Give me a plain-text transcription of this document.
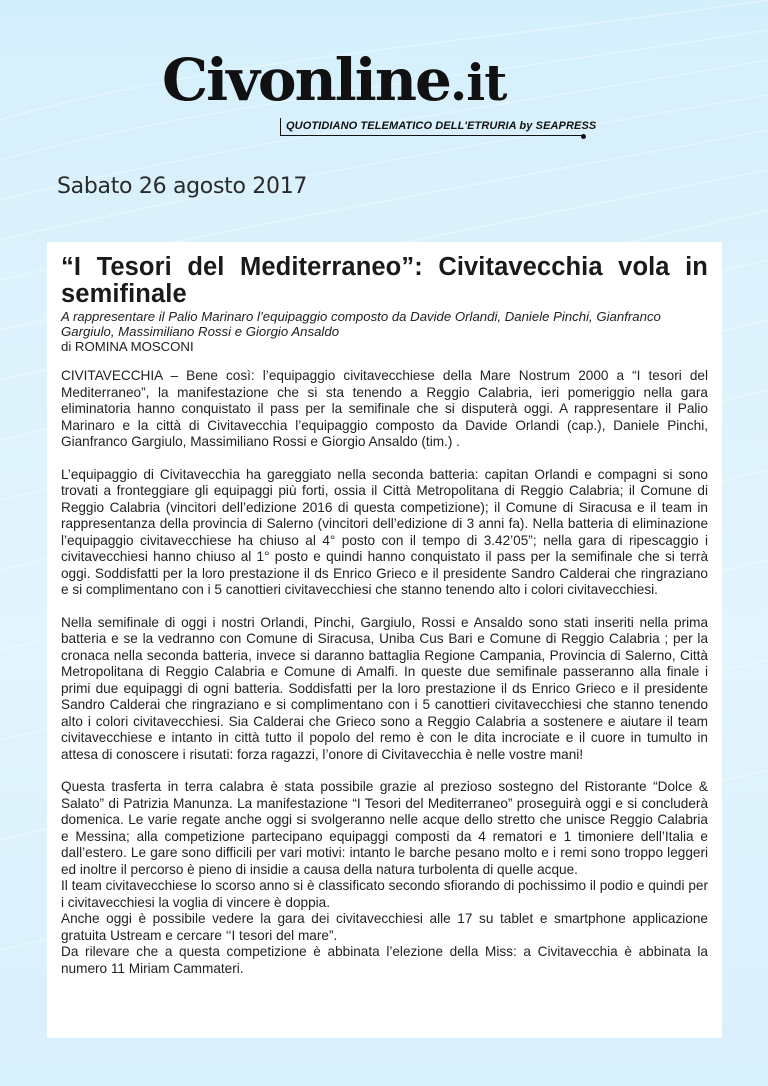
Civonline.it
QUOTIDIANO TELEMATICO DELL'ETRURIA by SEAPRESS
Sabato 26 agosto 2017
“I Tesori del Mediterraneo”: Civitavecchia vola in semifinale
A rappresentare il Palio Marinaro l’equipaggio composto da Davide Orlandi, Daniele Pinchi, Gianfranco Gargiulo, Massimiliano Rossi e Giorgio Ansaldo
di ROMINA MOSCONI

CIVITAVECCHIA – Bene così: l’equipaggio civitavecchiese della Mare Nostrum 2000 a “I tesori del Mediterraneo”, la manifestazione che si sta tenendo a Reggio Calabria, ieri pomeriggio nella gara eliminatoria hanno conquistato il pass per la semifinale che si disputerà oggi. A rappresentare il Palio Marinaro e la città di Civitavecchia l’equipaggio composto da Davide Orlandi (cap.), Daniele Pinchi, Gianfranco Gargiulo, Massimiliano Rossi e Giorgio Ansaldo (tim.) .

L’equipaggio di Civitavecchia ha gareggiato nella seconda batteria: capitan Orlandi e compagni si sono trovati a fronteggiare gli equipaggi più forti, ossia il Città Metropolitana di Reggio Calabria; il Comune di Reggio Calabria (vincitori dell’edizione 2016 di questa competizione); il Comune di Siracusa e il team in rappresentanza della provincia di Salerno (vincitori dell’edizione di 3 anni fa). Nella batteria di eliminazione l’equipaggio civitavecchiese ha chiuso al 4° posto con il tempo di 3.42’05”; nella gara di ripescaggio i civitavecchiesi hanno chiuso al 1° posto e quindi hanno conquistato il pass per la semifinale che si terrà oggi. Soddisfatti per la loro prestazione il ds Enrico Grieco e il presidente Sandro Calderai che ringraziano e si complimentano con i 5 canottieri civitavecchiesi che stanno tenendo alto i colori civitavecchiesi.

Nella semifinale di oggi i nostri Orlandi, Pinchi, Gargiulo, Rossi e Ansaldo sono stati inseriti nella prima batteria e se la vedranno con Comune di Siracusa, Uniba Cus Bari e Comune di Reggio Calabria ; per la cronaca nella seconda batteria, invece si daranno battaglia Regione Campania, Provincia di Salerno, Città Metropolitana di Reggio Calabria e Comune di Amalfi. In queste due semifinale passeranno alla finale i primi due equipaggi di ogni batteria. Soddisfatti per la loro prestazione il ds Enrico Grieco e il presidente Sandro Calderai che ringraziano e si complimentano con i 5 canottieri civitavecchiesi che stanno tenendo alto i colori civitavecchiesi. Sia Calderai che Grieco sono a Reggio Calabria a sostenere e aiutare il team civitavecchiese e intanto in città tutto il popolo del remo è con le dita incrociate e il cuore in tumulto in attesa di conoscere i risutati: forza ragazzi, l’onore di Civitavecchia è nelle vostre mani!

Questa trasferta in terra calabra è stata possibile grazie al prezioso sostegno del Ristorante “Dolce & Salato” di Patrizia Manunza. La manifestazione “I Tesori del Mediterraneo” proseguirà oggi e si concluderà domenica. Le varie regate anche oggi si svolgeranno nelle acque dello stretto che unisce Reggio Calabria e Messina; alla competizione partecipano equipaggi composti da 4 rematori e 1 timoniere dell’Italia e dall’estero. Le gare sono difficili per vari motivi: intanto le barche pesano molto e i remi sono troppo leggeri ed inoltre il percorso è pieno di insidie a causa della natura turbolenta di quelle acque.

Il team civitavecchiese lo scorso anno si è classificato secondo sfiorando di pochissimo il podio e quindi per i civitavecchiesi la voglia di vincere è doppia.

Anche oggi è possibile vedere la gara dei civitavecchiesi alle 17 su tablet e smartphone applicazione gratuita Ustream e cercare ‘‘I tesori del mare”.

Da rilevare che a questa competizione è abbinata l’elezione della Miss: a Civitavecchia è abbinata la numero 11 Miriam Cammateri.
